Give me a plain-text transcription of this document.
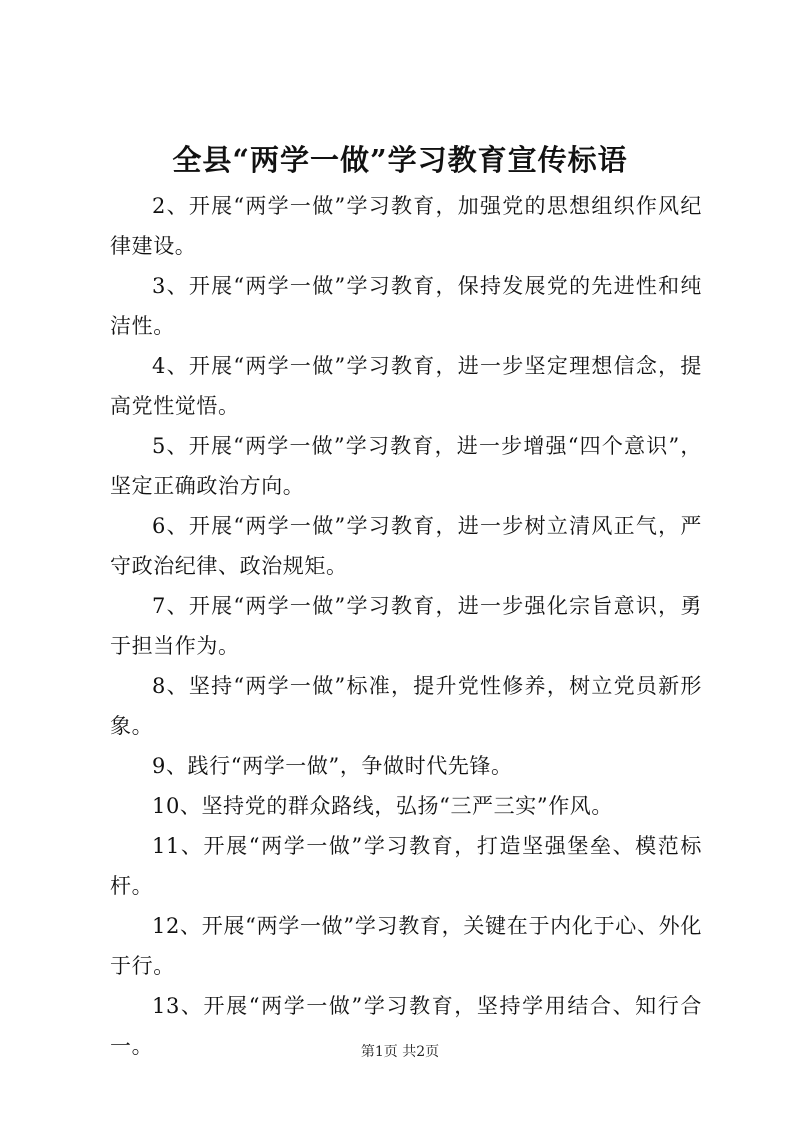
全县“两学一做”学习教育宣传标语

2、开展“两学一做”学习教育，加强党的思想组织作风纪律建设。

3、开展“两学一做”学习教育，保持发展党的先进性和纯洁性。

4、开展“两学一做”学习教育，进一步坚定理想信念，提高党性觉悟。

5、开展“两学一做”学习教育，进一步增强“四个意识”，坚定正确政治方向。

6、开展“两学一做”学习教育，进一步树立清风正气，严守政治纪律、政治规矩。

7、开展“两学一做”学习教育，进一步强化宗旨意识，勇于担当作为。

8、坚持“两学一做”标准，提升党性修养，树立党员新形象。

9、践行“两学一做”，争做时代先锋。

10、坚持党的群众路线，弘扬“三严三实”作风。

11、开展“两学一做”学习教育，打造坚强堡垒、模范标杆。

12、开展“两学一做”学习教育，关键在于内化于心、外化于行。

13、开展“两学一做”学习教育，坚持学用结合、知行合一。	第1页 共2页
